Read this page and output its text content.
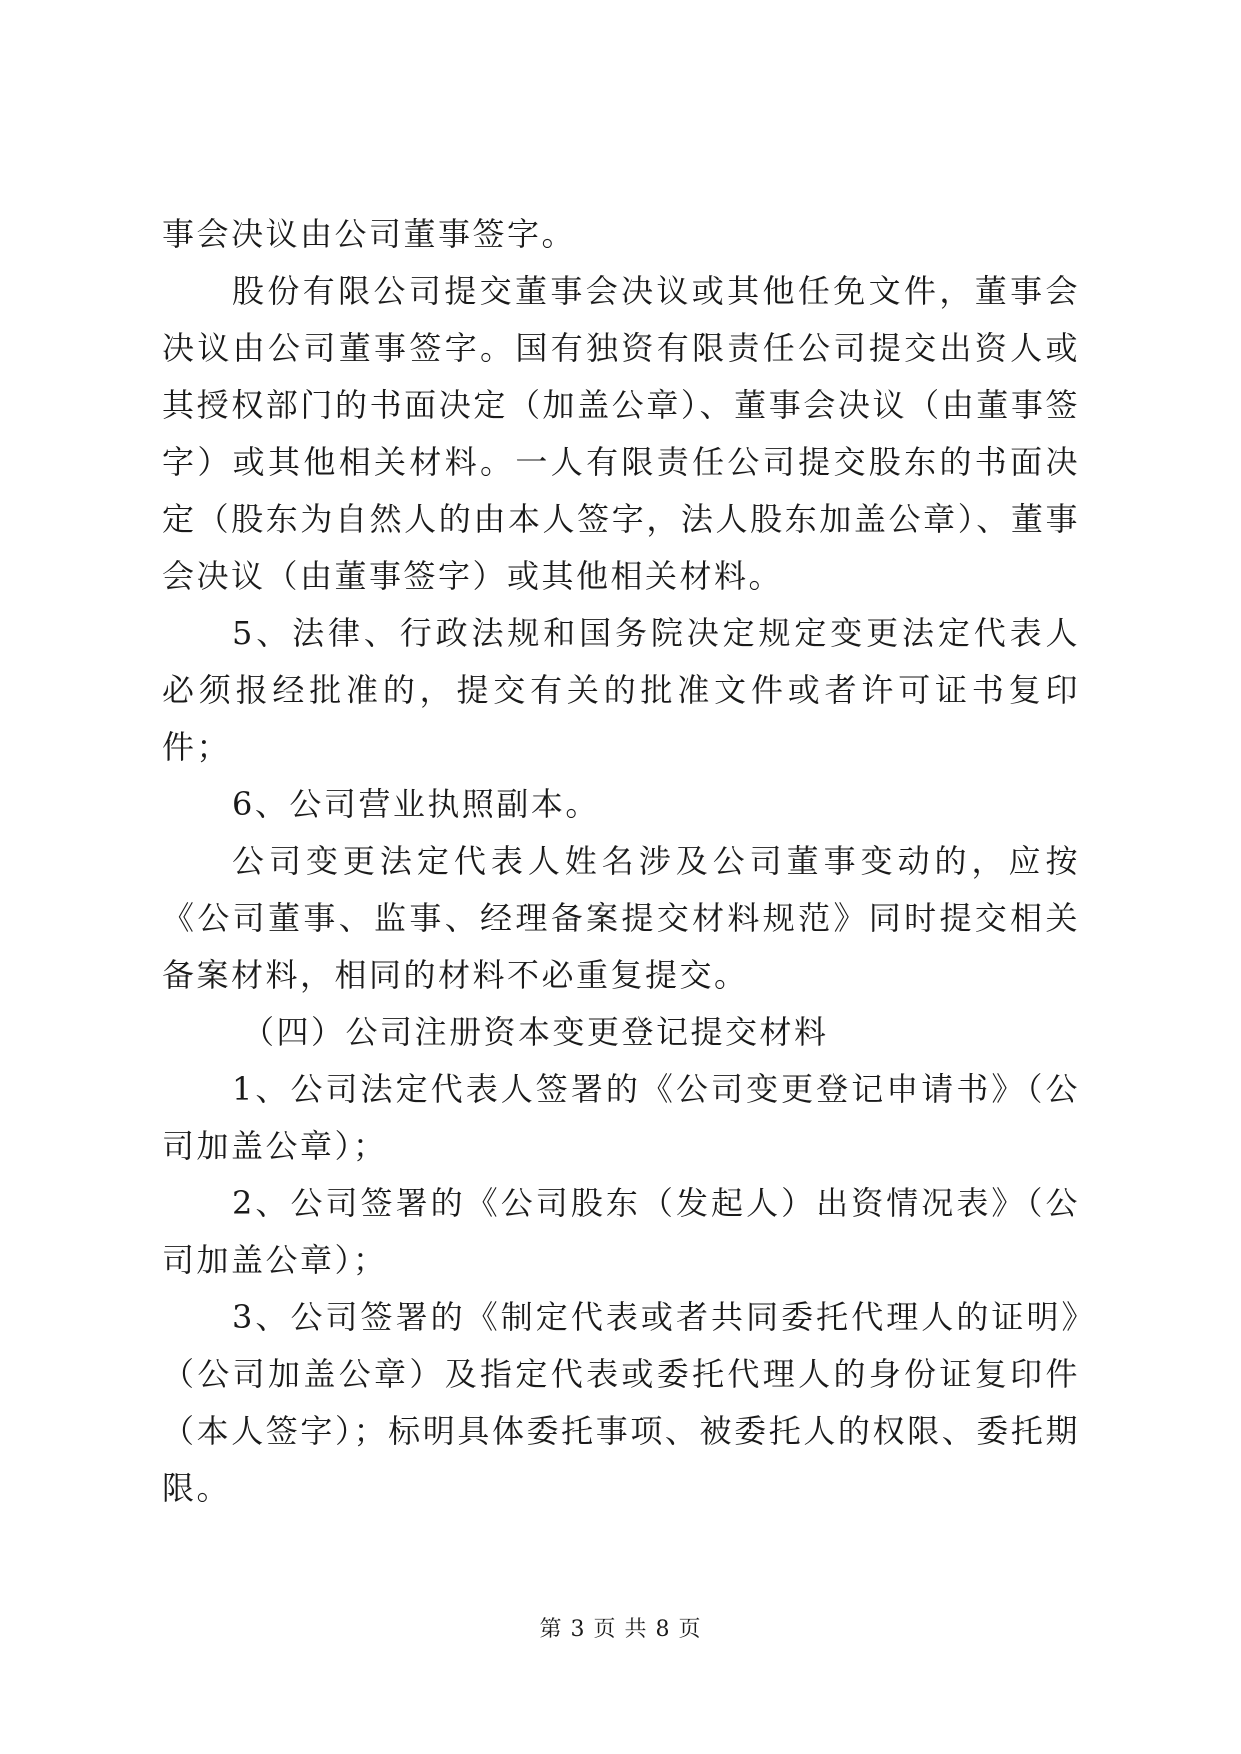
事会决议由公司董事签字。

股份有限公司提交董事会决议或其他任免文件，董事会决议由公司董事签字。国有独资有限责任公司提交出资人或其授权部门的书面决定（加盖公章）、董事会决议（由董事签字）或其他相关材料。一人有限责任公司提交股东的书面决定（股东为自然人的由本人签字，法人股东加盖公章）、董事会决议（由董事签字）或其他相关材料。

5、法律、行政法规和国务院决定规定变更法定代表人必须报经批准的，提交有关的批准文件或者许可证书复印件；

6、公司营业执照副本。

公司变更法定代表人姓名涉及公司董事变动的，应按《公司董事、监事、经理备案提交材料规范》同时提交相关备案材料，相同的材料不必重复提交。

（四）公司注册资本变更登记提交材料

1、公司法定代表人签署的《公司变更登记申请书》（公司加盖公章）；

2、公司签署的《公司股东（发起人）出资情况表》（公司加盖公章）；

3、公司签署的《制定代表或者共同委托代理人的证明》（公司加盖公章）及指定代表或委托代理人的身份证复印件（本人签字）；标明具体委托事项、被委托人的权限、委托期限。

第 3 页 共 8 页
